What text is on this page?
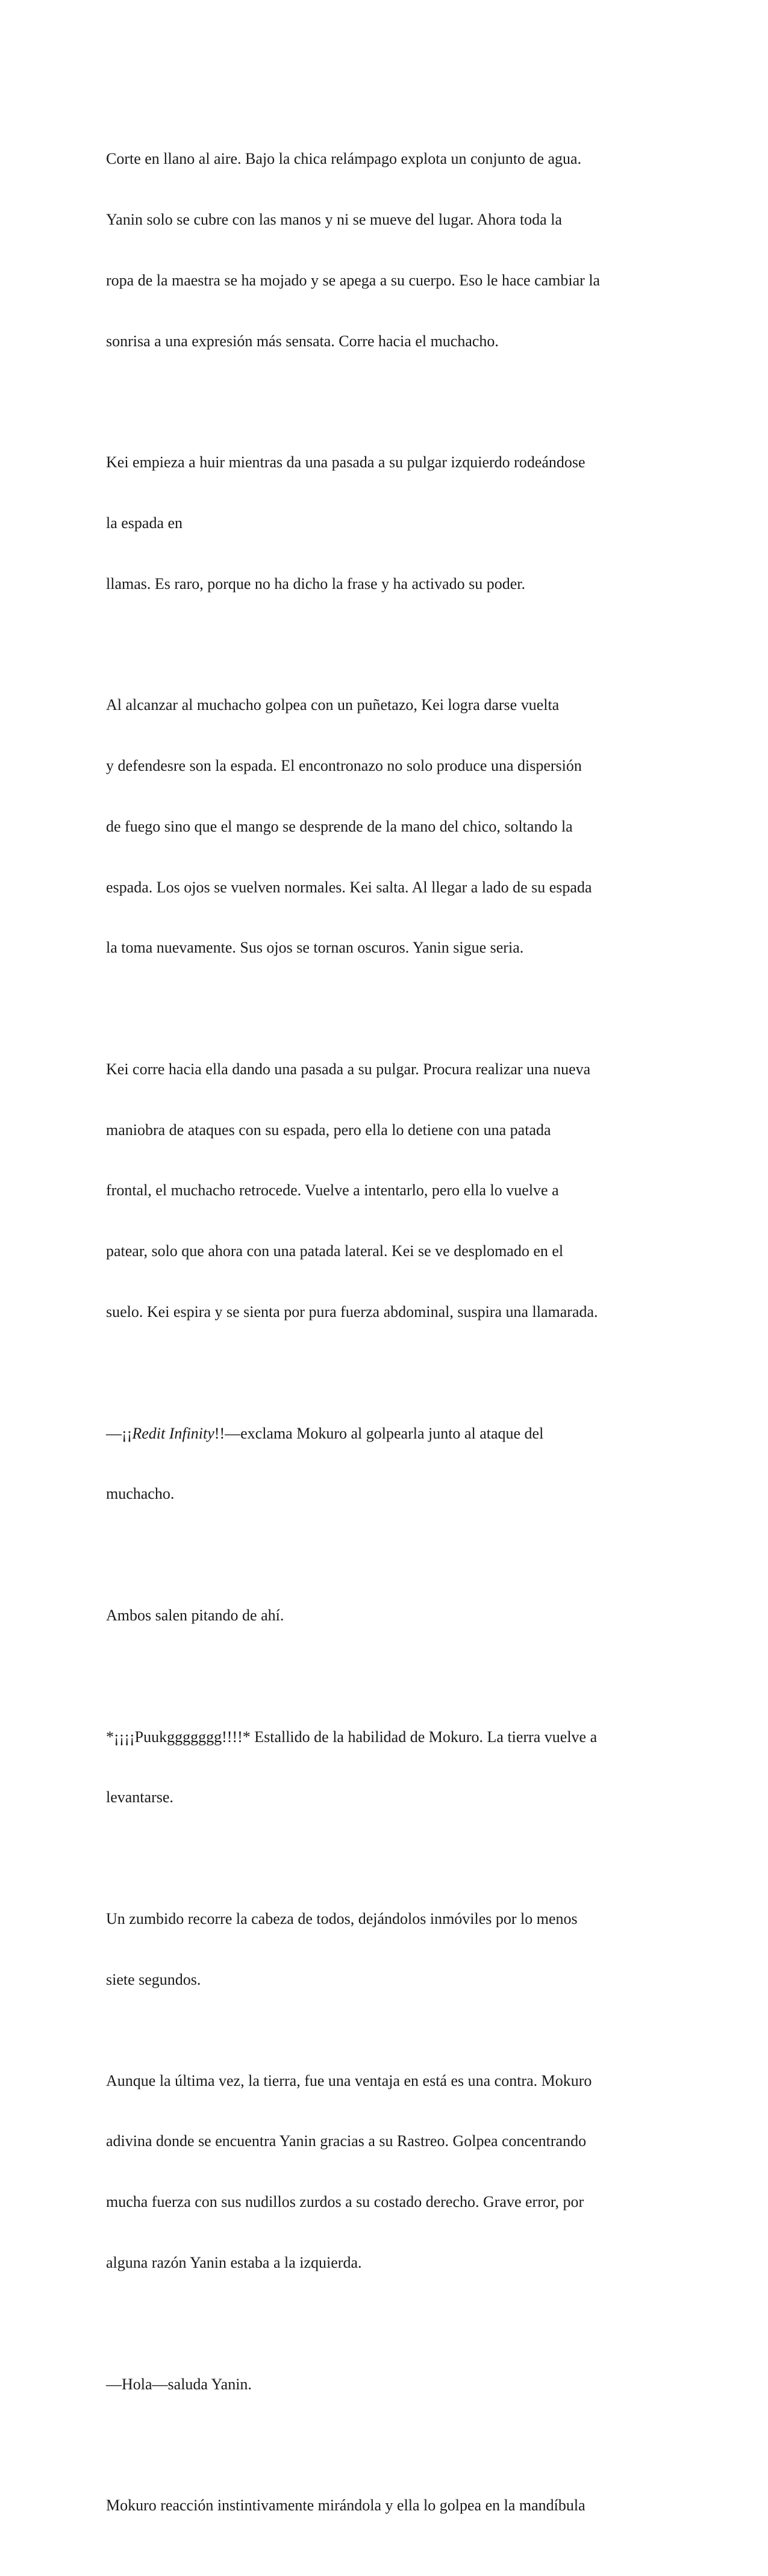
Corte en llano al aire. Bajo la chica relámpago explota un conjunto de agua.

Yanin solo se cubre con las manos y ni se mueve del lugar. Ahora toda la

ropa de la maestra se ha mojado y se apega a su cuerpo. Eso le hace cambiar la

sonrisa a una expresión más sensata. Corre hacia el muchacho.

Kei empieza a huir mientras da una pasada a su pulgar izquierdo rodeándose

la espada en

llamas. Es raro, porque no ha dicho la frase y ha activado su poder.

Al alcanzar al muchacho golpea con un puñetazo, Kei logra darse vuelta

y defendesre son la espada. El encontronazo no solo produce una dispersión

de fuego sino que el mango se desprende de la mano del chico, soltando la

espada. Los ojos se vuelven normales. Kei salta. Al llegar a lado de su espada

la toma nuevamente. Sus ojos se tornan oscuros. Yanin sigue seria.

Kei corre hacia ella dando una pasada a su pulgar. Procura realizar una nueva

maniobra de ataques con su espada, pero ella lo detiene con una patada

frontal, el muchacho retrocede. Vuelve a intentarlo, pero ella lo vuelve a

patear, solo que ahora con una patada lateral. Kei se ve desplomado en el

suelo. Kei espira y se sienta por pura fuerza abdominal, suspira una llamarada.

—¡¡Redit Infinity!!—exclama Mokuro al golpearla junto al ataque del

muchacho.

Ambos salen pitando de ahí.

*¡¡¡¡Puukggggggg!!!!* Estallido de la habilidad de Mokuro. La tierra vuelve a

levantarse.

Un zumbido recorre la cabeza de todos, dejándolos inmóviles por lo menos

siete segundos.

Aunque la última vez, la tierra, fue una ventaja en está es una contra. Mokuro

adivina donde se encuentra Yanin gracias a su Rastreo. Golpea concentrando

mucha fuerza con sus nudillos zurdos a su costado derecho. Grave error, por

alguna razón Yanin estaba a la izquierda.

—Hola—saluda Yanin.

Mokuro reacción instintivamente mirándola y ella lo golpea en la mandíbula
